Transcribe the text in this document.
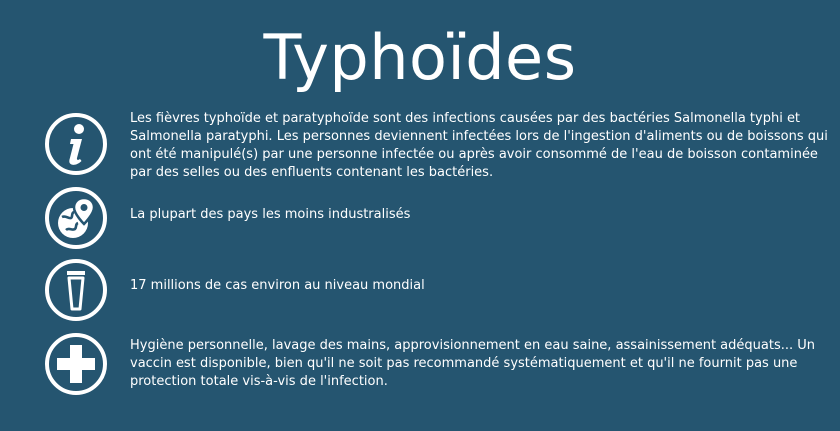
Typhoïdes
Les fièvres typhoïde et paratyphoïde sont des infections causées par des bactéries Salmonella typhi et Salmonella paratyphi. Les personnes deviennent infectées lors de l'ingestion d'aliments ou de boissons qui ont été manipulé(s) par une personne infectée ou après avoir consommé de l'eau de boisson contaminée par des selles ou des enfluents contenant les bactéries.
La plupart des pays les moins industralisés
17 millions de cas environ au niveau mondial
Hygiène personnelle, lavage des mains, approvisionnement en eau saine, assainissement adéquats... Un vaccin est disponible, bien qu'il ne soit pas recommandé systématiquement et qu'il ne fournit pas une protection totale vis-à-vis de l'infection.
